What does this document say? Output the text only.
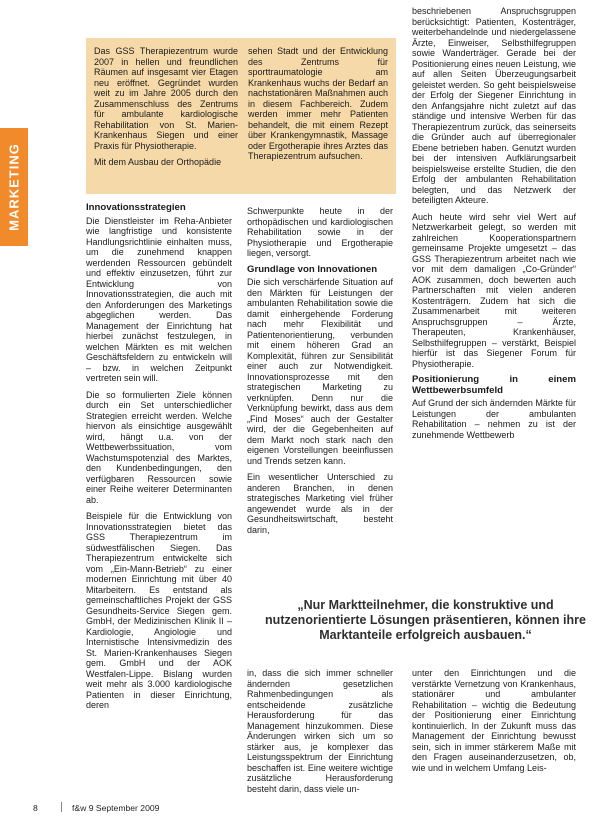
MARKETING

Das GSS Therapiezentrum wurde 2007 in hellen und freundlichen Räumen auf insgesamt vier Etagen neu eröffnet. Gegründet wurden weit zu im Jahre 2005 durch den Zusammenschluss des Zentrums für ambulante kardiologische Rehabilitation von St. Marien-Krankenhaus Siegen und einer Praxis für Physiotherapie.

Mit dem Ausbau der Orthopädie

sehen Stadt und der Entwicklung des Zentrums für sporttraumatologie am Krankenhaus wuchs der Bedarf an nachstationären Maßnahmen auch in diesem Fachbereich. Zudem werden immer mehr Patienten behandelt, die mit einem Rezept über Krankengymnastik, Massage oder Ergotherapie ihres Arztes das Therapiezentrum aufsuchen.

Innovationsstrategien

Die Dienstleister im Reha-Anbieter wie langfristige und konsistente Handlungsrichtlinie einhalten muss, um die zunehmend knappen werdenden Ressourcen gebündelt und effektiv einzusetzen, führt zur Entwicklung von Innovationsstrategien, die auch mit den Anforderungen des Marketings abgeglichen werden. Das Management der Einrichtung hat hierbei zunächst festzulegen, in welchen Märkten es mit welchen Geschäftsfeldern zu entwickeln will – bzw. in welchen Zeitpunkt vertreten sein will.

Die so formulierten Ziele können durch ein Set unterschiedlicher Strategien erreicht werden. Welche hiervon als einsichtige ausgewählt wird, hängt u.a. von der Wettbewerbssituation, vom Wachstumspotenzial des Marktes, den Kundenbedingungen, den verfügbaren Ressourcen sowie einer Reihe weiterer Determinanten ab.

Beispiele für die Entwicklung von Innovationsstrategien bietet das GSS Therapiezentrum im südwestfälischen Siegen. Das Therapiezentrum entwickelte sich vom „Ein-Mann-Betrieb“ zu einer modernen Einrichtung mit über 40 Mitarbeitern. Es entstand als gemeinschaftliches Projekt der GSS Gesundheits-Service Siegen gem. GmbH, der Medizinischen Klinik II – Kardiologie, Angiologie und Internistische Intensivmedizin des St. Marien-Krankenhauses Siegen gem. GmbH und der AOK Westfalen-Lippe. Bislang wurden weit mehr als 3.000 kardiologische Patienten in dieser Einrichtung, deren

Schwerpunkte heute in der orthopädischen und kardiologischen Rehabilitation sowie in der Physiotherapie und Ergotherapie liegen, versorgt.

Grundlage von Innovationen

Die sich verschärfende Situation auf den Märkten für Leistungen der ambulanten Rehabilitation sowie die damit einhergehende Forderung nach mehr Flexibilität und Patientenorientierung, verbunden mit einem höheren Grad an Komplexität, führen zur Sensibilität einer auch zur Notwendigkeit. Innovationsprozesse mit den strategischen Marketing zu verknüpfen. Denn nur die Verknüpfung bewirkt, dass aus dem „Find Moses“ auch der Gestalter wird, der die Gegebenheiten auf dem Markt noch stark nach den eigenen Vorstellungen beeinflussen und Trends setzen kann.

Ein wesentlicher Unterschied zu anderen Branchen, in denen strategisches Marketing viel früher angewendet wurde als in der Gesundheitswirtschaft, besteht darin,

beschriebenen Anspruchsgruppen berücksichtigt: Patienten, Kostenträger, weiterbehandelnde und niedergelassene Ärzte, Einweiser, Selbsthilfegruppen sowie Wanderträger. Gerade bei der Positionierung eines neuen Leistung, wie auf allen Seiten Überzeugungsarbeit geleistet werden. So geht beispielsweise der Erfolg der Siegener Einrichtung in den Anfangsjahre nicht zuletzt auf das ständige und intensive Werben für das Therapiezentrum zurück, das seinerseits die Gründer auch auf überregionaler Ebene betrieben haben. Genutzt wurden bei der intensiven Aufklärungsarbeit beispielsweise erstellte Studien, die den Erfolg der ambulanten Rehabilitation belegten, und das Netzwerk der beteiligten Akteure.

Auch heute wird sehr viel Wert auf Netzwerkarbeit gelegt, so werden mit zahlreichen Kooperationspartnern gemeinsame Projekte umgesetzt – das GSS Therapiezentrum arbeitet nach wie vor mit dem damaligen „Co-Gründer“ AOK zusammen, doch bewerten auch Partnerschaften mit vielen anderen Kostenträgern. Zudem hat sich die Zusammenarbeit mit weiteren Anspruchsgruppen – Ärzte, Therapeuten, Krankenhäuser, Selbsthilfegruppen – verstärkt, Beispiel hierfür ist das Siegener Forum für Physiotherapie.

Positionierung in einem Wettbewerbsumfeld

Auf Grund der sich ändernden Märkte für Leistungen der ambulanten Rehabilitation – nehmen zu ist der zunehmende Wettbewerb

„Nur Marktteilnehmer, die konstruktive und nutzenorientierte Lösungen präsentieren, können ihre Marktanteile erfolgreich ausbauen.“

in, dass die sich immer schneller ändernden gesetzlichen Rahmenbedingungen als entscheidende zusätzliche Herausforderung für das Management hinzukommen. Diese Änderungen wirken sich um so stärker aus, je komplexer das Leistungsspektrum der Einrichtung beschaffen ist. Eine weitere wichtige zusätzliche Herausforderung besteht darin, dass viele un-

unter den Einrichtungen und die verstärkte Vernetzung von Krankenhaus, stationärer und ambulanter Rehabilitation – wichtig die Bedeutung der Positionierung einer Einrichtung kontinuierlich. In der Zukunft muss das Management der Einrichtung bewusst sein, sich in immer stärkerem Maße mit den Fragen auseinanderzusetzen, ob, wie und in welchem Umfang Leis-

8	f&w 9 September 2009
